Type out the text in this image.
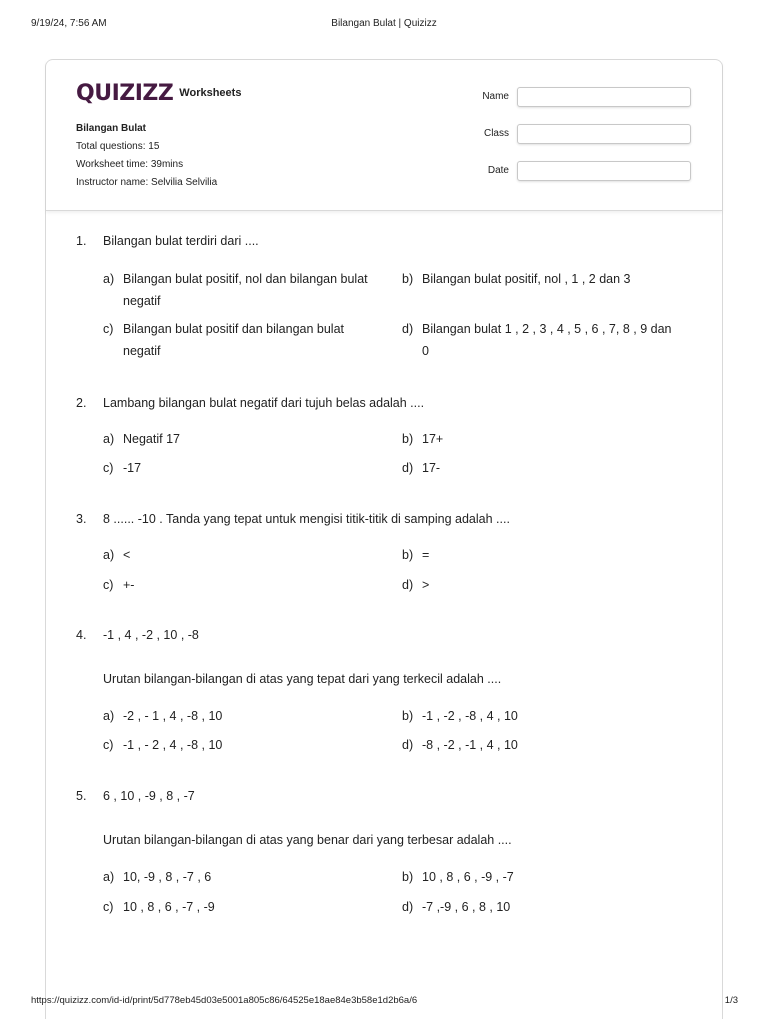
9/19/24, 7:56 AM	Bilangan Bulat | Quizizz
QUIZIZZ Worksheets
Bilangan Bulat
Total questions: 15
Worksheet time: 39mins
Instructor name: Selvilia Selvilia
Name
Class
Date
1. Bilangan bulat terdiri dari ....
a) Bilangan bulat positif, nol dan bilangan bulat
negatif
b) Bilangan bulat positif, nol , 1 , 2 dan 3
c) Bilangan bulat positif dan bilangan bulat
negatif
d) Bilangan bulat 1 , 2 , 3 , 4 , 5 , 6 , 7, 8 , 9 dan
0
2. Lambang bilangan bulat negatif dari tujuh belas adalah ....
a) Negatif 17	b) 17+
c) -17	d) 17-
3. 8 ...... -10 . Tanda yang tepat untuk mengisi titik-titik di samping adalah ....
a) <	b) =
c) +-	d) >
4. -1 , 4 , -2 , 10 , -8
Urutan bilangan-bilangan di atas yang tepat dari yang terkecil adalah ....
a) -2 , - 1 , 4 , -8 , 10	b) -1 , -2 , -8 , 4 , 10
c) -1 , - 2 , 4 , -8 , 10	d) -8 , -2 , -1 , 4 , 10
5. 6 , 10 , -9 , 8 , -7
Urutan bilangan-bilangan di atas yang benar dari yang terbesar adalah ....
a) 10, -9 , 8 , -7 , 6	b) 10 , 8 , 6 , -9 , -7
c) 10 , 8 , 6 , -7 , -9	d) -7 ,-9 , 6 , 8 , 10
https://quizizz.com/id-id/print/5d778eb45d03e5001a805c86/64525e18ae84e3b58e1d2b6a/6	1/3
